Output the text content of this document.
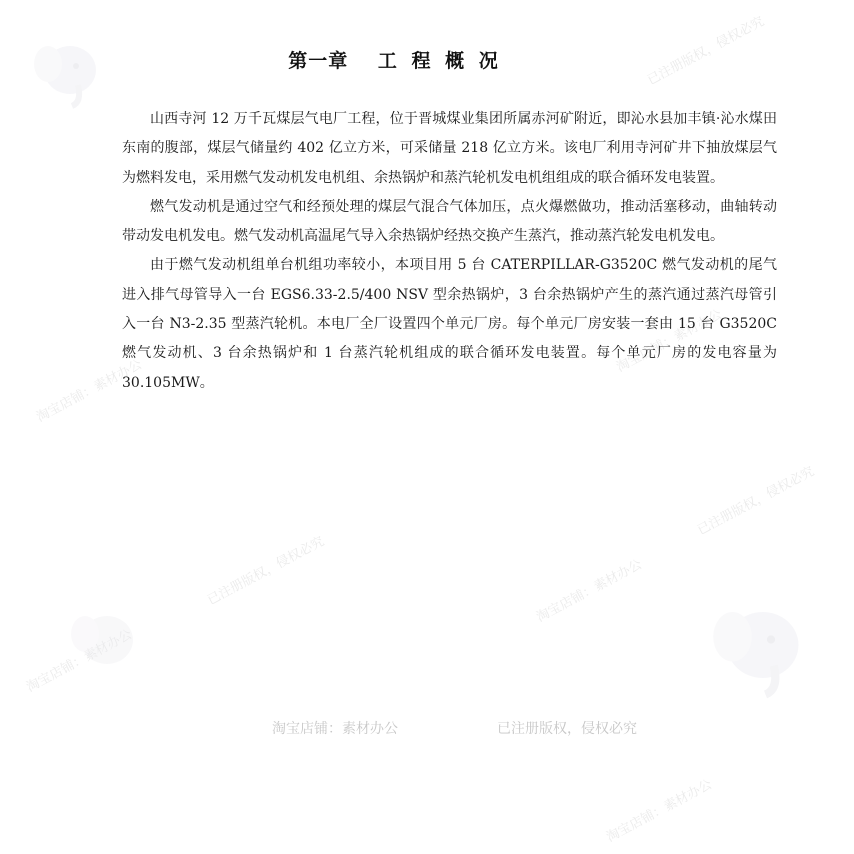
已注册版权，侵权必究
淘宝店铺：素材办公
淘宝店铺：素材办公
已注册版权，侵权必究
已注册版权，侵权必究	淘宝店铺：素材办公
淘宝店铺：素材办公
淘宝店铺：素材办公
第一章 工 程 概 况

山西寺河 12 万千瓦煤层气电厂工程，位于晋城煤业集团所属赤河矿附近，即沁水县加丰镇·沁水煤田东南的腹部，煤层气储量约 402 亿立方米，可采储量 218 亿立方米。该电厂利用寺河矿井下抽放煤层气为燃料发电，采用燃气发动机发电机组、余热锅炉和蒸汽轮机发电机组组成的联合循环发电装置。

燃气发动机是通过空气和经预处理的煤层气混合气体加压，点火爆燃做功，推动活塞移动，曲轴转动带动发电机发电。燃气发动机高温尾气导入余热锅炉经热交换产生蒸汽，推动蒸汽轮发电机发电。

由于燃气发动机组单台机组功率较小，本项目用 5 台 CATERPILLAR-G3520C 燃气发动机的尾气进入排气母管导入一台 EGS6.33-2.5/400 NSV 型余热锅炉，3 台余热锅炉产生的蒸汽通过蒸汽母管引入一台 N3-2.35 型蒸汽轮机。本电厂全厂设置四个单元厂房。每个单元厂房安装一套由 15 台 G3520C 燃气发动机、3 台余热锅炉和 1 台蒸汽轮机组成的联合循环发电装置。每个单元厂房的发电容量为 30.105MW。

淘宝店铺：素材办公	已注册版权，侵权必究
